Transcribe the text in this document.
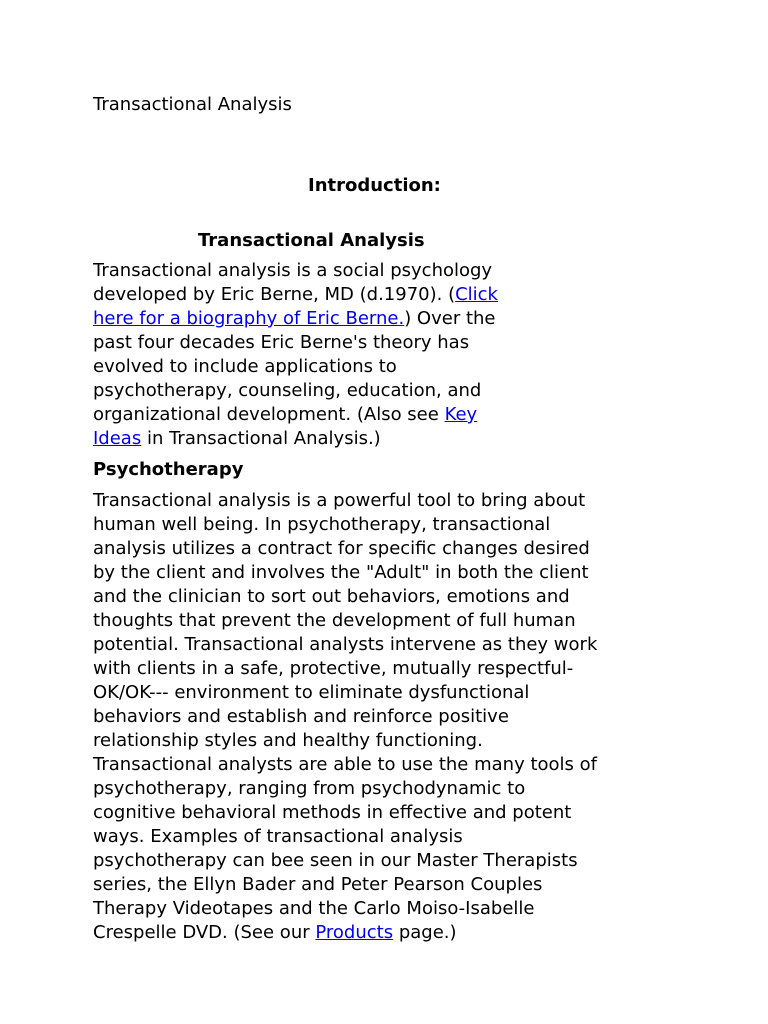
Transactional Analysis

Introduction:

Transactional Analysis

Transactional analysis is a social psychology
developed by Eric Berne, MD (d.1970). (Click
here for a biography of Eric Berne.) Over the
past four decades Eric Berne's theory has
evolved to include applications to
psychotherapy, counseling, education, and
organizational development. (Also see Key
Ideas in Transactional Analysis.)

Psychotherapy

Transactional analysis is a powerful tool to bring about
human well being. In psychotherapy, transactional
analysis utilizes a contract for specific changes desired
by the client and involves the "Adult" in both the client
and the clinician to sort out behaviors, emotions and
thoughts that prevent the development of full human
potential. Transactional analysts intervene as they work
with clients in a safe, protective, mutually respectful-
OK/OK--- environment to eliminate dysfunctional
behaviors and establish and reinforce positive
relationship styles and healthy functioning.
Transactional analysts are able to use the many tools of
psychotherapy, ranging from psychodynamic to
cognitive behavioral methods in effective and potent
ways. Examples of transactional analysis
psychotherapy can bee seen in our Master Therapists
series, the Ellyn Bader and Peter Pearson Couples
Therapy Videotapes and the Carlo Moiso-Isabelle
Crespelle DVD. (See our Products page.)
